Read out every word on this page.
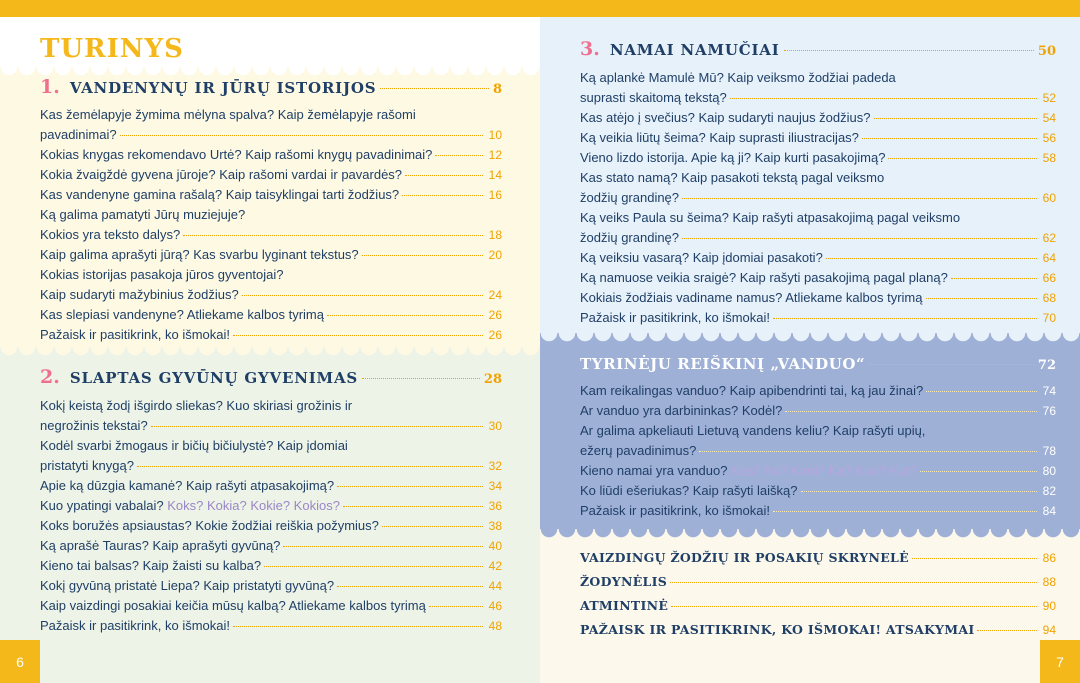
TURINYS
1. VANDENYNŲ IR JŪRŲ ISTORIJOS	8
Kas žemėlapyje žymima mėlyna spalva? Kaip žemėlapyje rašomi
pavadinimai?	10
Kokias knygas rekomendavo Urtė? Kaip rašomi knygų pavadinimai?	12
Kokia žvaigždė gyvena jūroje? Kaip rašomi vardai ir pavardės?	14
Kas vandenyne gamina rašalą? Kaip taisyklingai tarti žodžius?	16
Ką galima pamatyti Jūrų muziejuje?
Kokios yra teksto dalys?	18
Kaip galima aprašyti jūrą? Kas svarbu lyginant tekstus?	20
Kokias istorijas pasakoja jūros gyventojai?
Kaip sudaryti mažybinius žodžius?	24
Kas slepiasi vandenyne? Atliekame kalbos tyrimą	26
Pažaisk ir pasitikrink, ko išmokai!	26
2. SLAPTAS GYVŪNŲ GYVENIMAS	28
Kokį keistą žodį išgirdo sliekas? Kuo skiriasi grožinis ir
negrožinis tekstai?	30
Kodėl svarbi žmogaus ir bičių bičiulystė? Kaip įdomiai
pristatyti knygą?	32
Apie ką dūzgia kamanė? Kaip rašyti atpasakojimą?	34
Kuo ypatingi vabalai? Koks? Kokia? Kokie? Kokios?	36
Koks boružės apsiaustas? Kokie žodžiai reiškia požymius?	38
Ką aprašė Tauras? Kaip aprašyti gyvūną?	40
Kieno tai balsas? Kaip žaisti su kalba?	42
Kokį gyvūną pristatė Liepa? Kaip pristatyti gyvūną?	44
Kaip vaizdingi posakiai keičia mūsų kalbą? Atliekame kalbos tyrimą	46
Pažaisk ir pasitikrink, ko išmokai!	48
6
3. NAMAI NAMUČIAI	50
Ką aplankė Mamulė Mū? Kaip veiksmo žodžiai padeda
suprasti skaitomą tekstą?	52
Kas atėjo į svečius? Kaip sudaryti naujus žodžius?	54
Ką veikia liūtų šeima? Kaip suprasti iliustracijas?	56
Vieno lizdo istorija. Apie ką ji? Kaip kurti pasakojimą?	58
Kas stato namą? Kaip pasakoti tekstą pagal veiksmo
žodžių grandinę?	60
Ką veiks Paula su šeima? Kaip rašyti atpasakojimą pagal veiksmo
žodžių grandinę?	62
Ką veiksiu vasarą? Kaip įdomiai pasakoti?	64
Ką namuose veikia sraigė? Kaip rašyti pasakojimą pagal planą?	66
Kokiais žodžiais vadiname namus? Atliekame kalbos tyrimą	68
Pažaisk ir pasitikrink, ko išmokai!	70
TYRINĖJU REIŠKINĮ „VANDUO“	72
Kam reikalingas vanduo? Kaip apibendrinti tai, ką jau žinai?	74
Ar vanduo yra darbininkas? Kodėl?	76
Ar galima apkeliauti Lietuvą vandens keliu? Kaip rašyti upių,
ežerų pavadinimus?	78
Kieno namai yra vanduo? Kas? Ko? Kam? Ką? Kuo? Kur?	80
Ko liūdi ešeriukas? Kaip rašyti laišką?	82
Pažaisk ir pasitikrink, ko išmokai!	84
VAIZDINGŲ ŽODŽIŲ IR POSAKIŲ SKRYNELĖ	86
ŽODYNĖLIS	88
ATMINTINĖ	90
PAŽAISK IR PASITIKRINK, KO IŠMOKAI! ATSAKYMAI	94
7
